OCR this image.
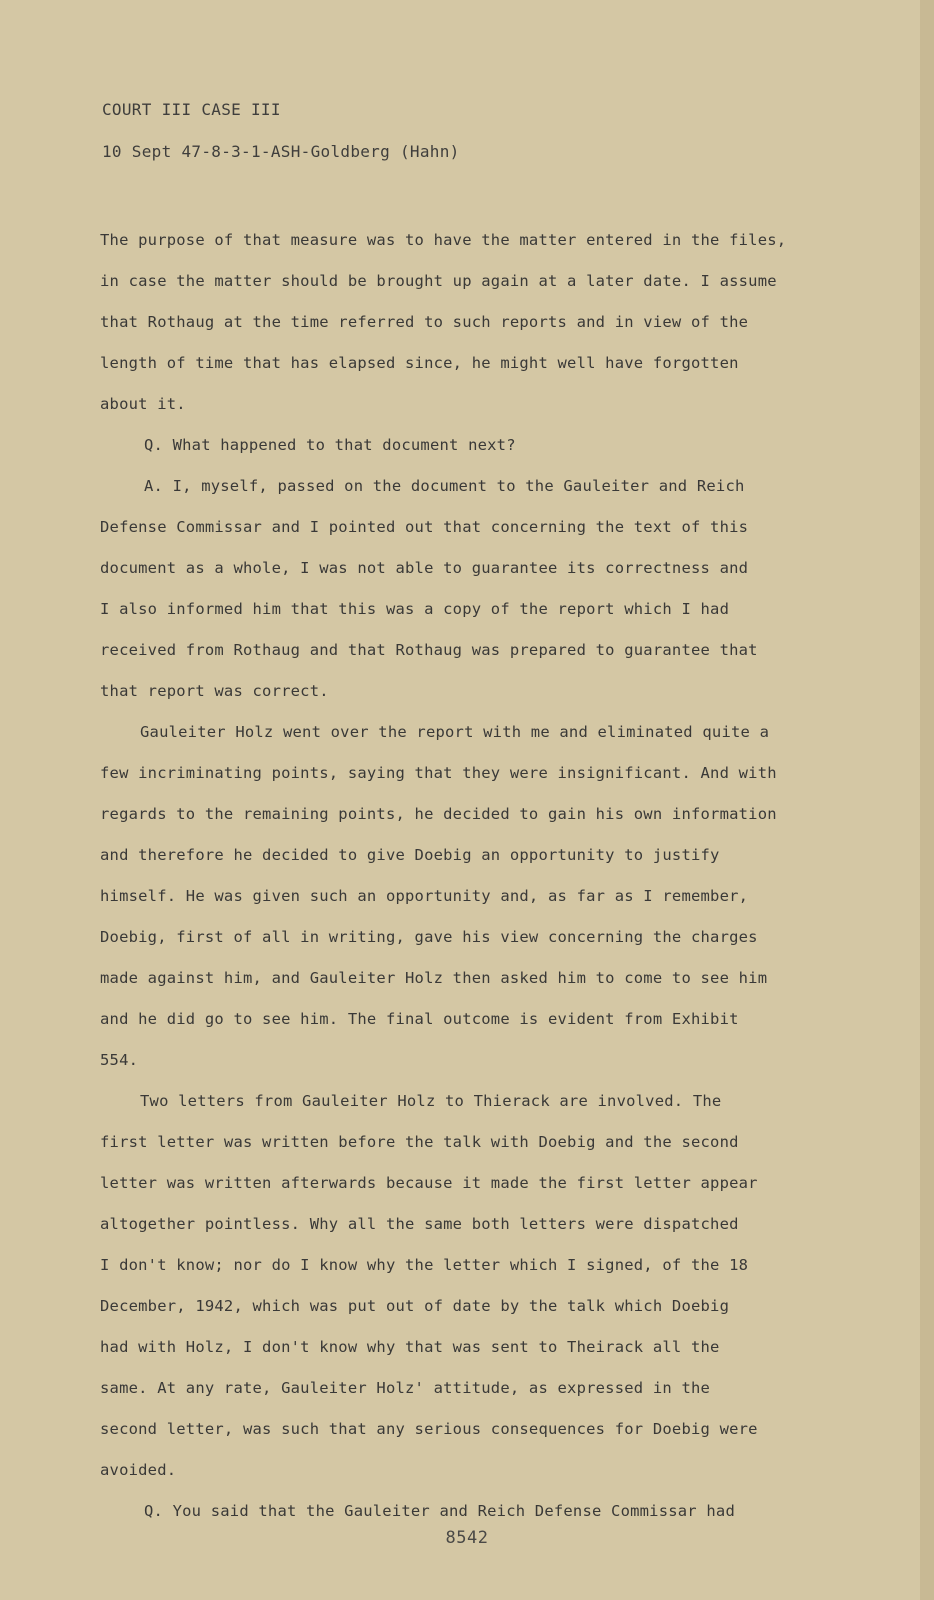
COURT III CASE III
10 Sept 47-8-3-1-ASH-Goldberg (Hahn)
The purpose of that measure was to have the matter entered in the files,
in case the matter should be brought up again at a later date. I assume
that Rothaug at the time referred to such reports and in view of the
length of time that has elapsed since, he might well have forgotten
about it.
Q. What happened to that document next?
A. I, myself, passed on the document to the Gauleiter and Reich
Defense Commissar and I pointed out that concerning the text of this
document as a whole, I was not able to guarantee its correctness and
I also informed him that this was a copy of the report which I had
received from Rothaug and that Rothaug was prepared to guarantee that
that report was correct.
Gauleiter Holz went over the report with me and eliminated quite a
few incriminating points, saying that they were insignificant. And with
regards to the remaining points, he decided to gain his own information
and therefore he decided to give Doebig an opportunity to justify
himself. He was given such an opportunity and, as far as I remember,
Doebig, first of all in writing, gave his view concerning the charges
made against him, and Gauleiter Holz then asked him to come to see him
and he did go to see him. The final outcome is evident from Exhibit
554.
Two letters from Gauleiter Holz to Thierack are involved. The
first letter was written before the talk with Doebig and the second
letter was written afterwards because it made the first letter appear
altogether pointless. Why all the same both letters were dispatched
I don't know; nor do I know why the letter which I signed, of the 18
December, 1942, which was put out of date by the talk which Doebig
had with Holz, I don't know why that was sent to Theirack all the
same. At any rate, Gauleiter Holz' attitude, as expressed in the
second letter, was such that any serious consequences for Doebig were
avoided.
Q. You said that the Gauleiter and Reich Defense Commissar had
8542
